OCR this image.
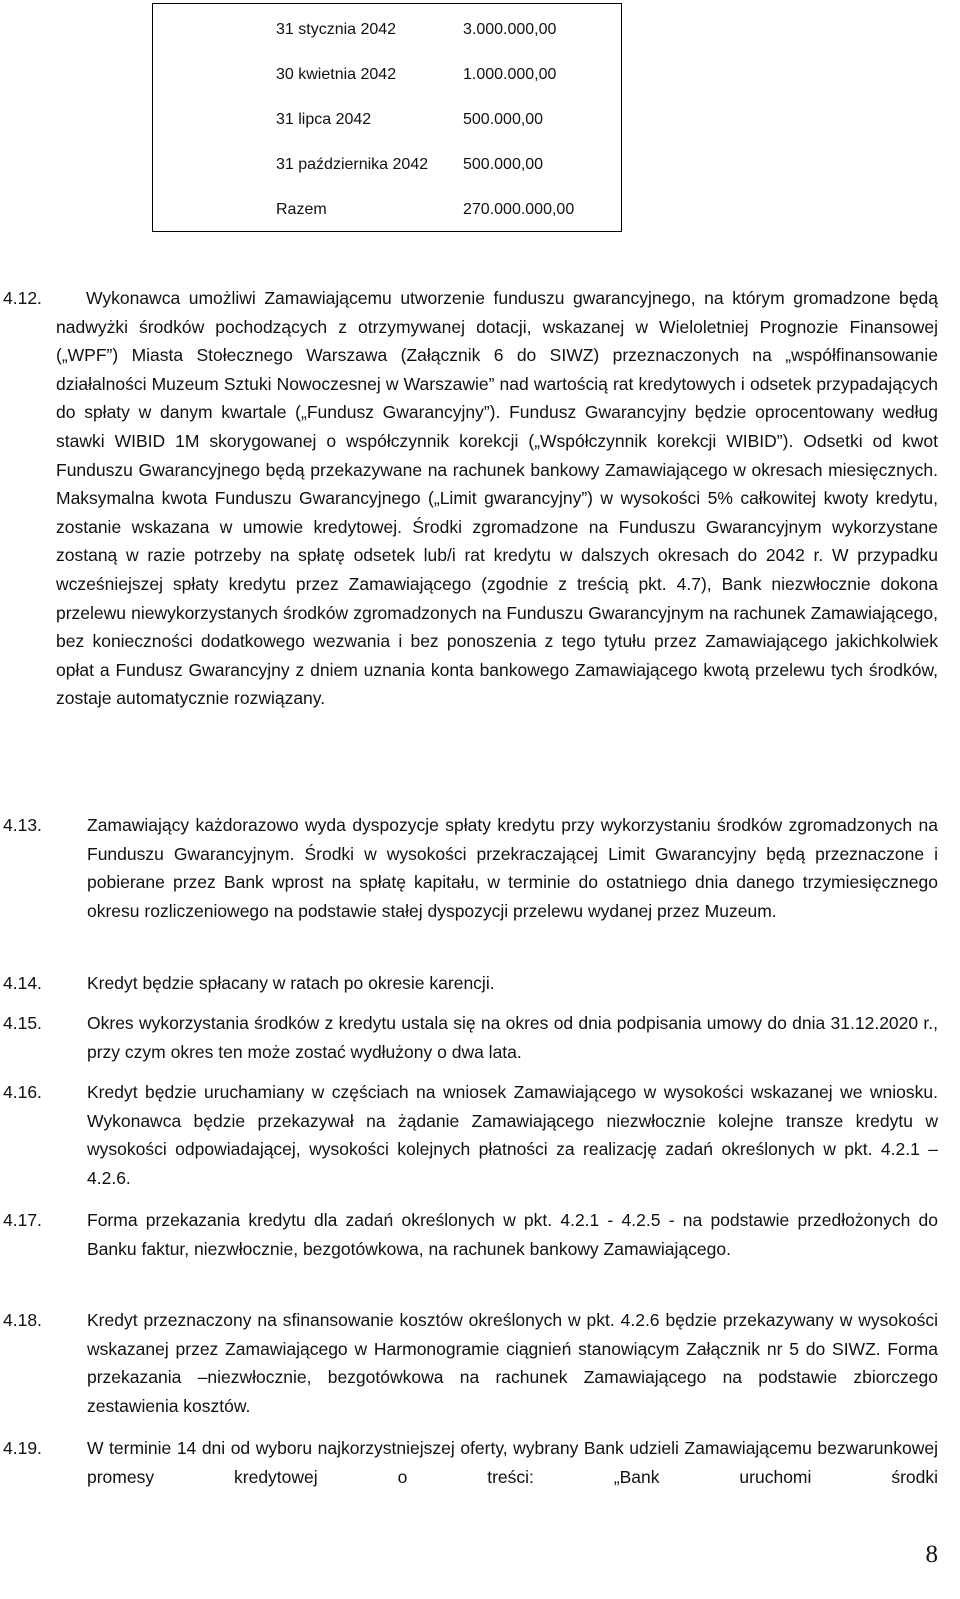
31 stycznia 2042	3.000.000,00
30 kwietnia 2042	1.000.000,00
31 lipca 2042	500.000,00
31 października 2042 500.000,00
Razem	270.000.000,00
4.12.	Wykonawca umożliwi Zamawiającemu utworzenie funduszu gwarancyjnego, na którym gromadzone będą nadwyżki środków pochodzących z otrzymywanej dotacji, wskazanej w Wieloletniej Prognozie Finansowej („WPF”) Miasta Stołecznego Warszawa (Załącznik 6 do SIWZ) przeznaczonych na „współfinansowanie działalności Muzeum Sztuki Nowoczesnej w Warszawie” nad wartością rat kredytowych i odsetek przypadających do spłaty w danym kwartale („Fundusz Gwarancyjny”). Fundusz Gwarancyjny będzie oprocentowany według stawki WIBID 1M skorygowanej o współczynnik korekcji („Współczynnik korekcji WIBID”). Odsetki od kwot Funduszu Gwarancyjnego będą przekazywane na rachunek bankowy Zamawiającego w okresach miesięcznych. Maksymalna kwota Funduszu Gwarancyjnego („Limit gwarancyjny”) w wysokości 5% całkowitej kwoty kredytu, zostanie wskazana w umowie kredytowej. Środki zgromadzone na Funduszu Gwarancyjnym wykorzystane zostaną w razie potrzeby na spłatę odsetek lub/i rat kredytu w dalszych okresach do 2042 r. W przypadku wcześniejszej spłaty kredytu przez Zamawiającego (zgodnie z treścią pkt. 4.7), Bank niezwłocznie dokona przelewu niewykorzystanych środków zgromadzonych na Funduszu Gwarancyjnym na rachunek Zamawiającego, bez konieczności dodatkowego wezwania i bez ponoszenia z tego tytułu przez Zamawiającego jakichkolwiek opłat a Fundusz Gwarancyjny z dniem uznania konta bankowego Zamawiającego kwotą przelewu tych środków, zostaje automatycznie rozwiązany.
4.13.	Zamawiający każdorazowo wyda dyspozycje spłaty kredytu przy wykorzystaniu środków zgromadzonych na Funduszu Gwarancyjnym. Środki w wysokości przekraczającej Limit Gwarancyjny będą przeznaczone i pobierane przez Bank wprost na spłatę kapitału, w terminie do ostatniego dnia danego trzymiesięcznego okresu rozliczeniowego na podstawie stałej dyspozycji przelewu wydanej przez Muzeum.
4.14.	Kredyt będzie spłacany w ratach po okresie karencji.
4.15.	Okres wykorzystania środków z kredytu ustala się na okres od dnia podpisania umowy do dnia 31.12.2020 r., przy czym okres ten może zostać wydłużony o dwa lata.
4.16.	Kredyt będzie uruchamiany w częściach na wniosek Zamawiającego w wysokości wskazanej we wniosku. Wykonawca będzie przekazywał na żądanie Zamawiającego niezwłocznie kolejne transze kredytu w wysokości odpowiadającej, wysokości kolejnych płatności za realizację zadań określonych w pkt. 4.2.1 – 4.2.6.
4.17.	Forma przekazania kredytu dla zadań określonych w pkt. 4.2.1 - 4.2.5 - na podstawie przedłożonych do Banku faktur, niezwłocznie, bezgotówkowa, na rachunek bankowy Zamawiającego.
4.18.	Kredyt przeznaczony na sfinansowanie kosztów określonych w pkt. 4.2.6 będzie przekazywany w wysokości wskazanej przez Zamawiającego w Harmonogramie ciągnień stanowiącym Załącznik nr 5 do SIWZ. Forma przekazania –niezwłocznie, bezgotówkowa na rachunek Zamawiającego na podstawie zbiorczego zestawienia kosztów.
4.19.	W terminie 14 dni od wyboru najkorzystniejszej oferty, wybrany Bank udzieli Zamawiającemu bezwarunkowej promesy kredytowej o treści: „Bank uruchomi środki
8
